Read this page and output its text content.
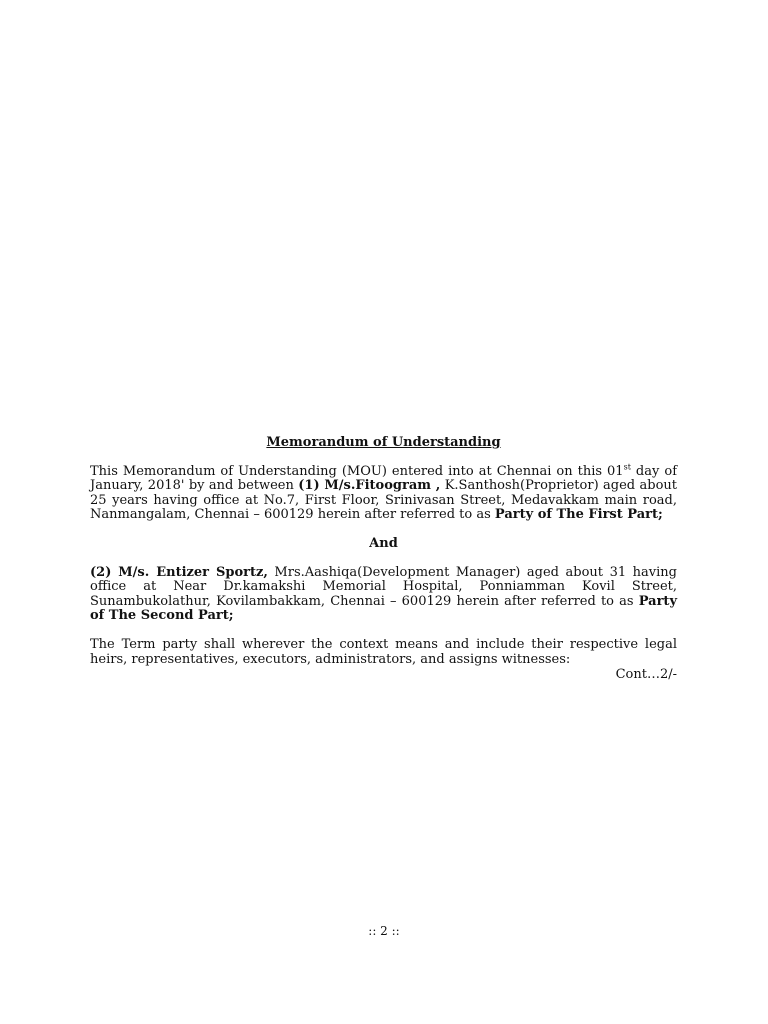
Memorandum of Understanding

This Memorandum of Understanding (MOU) entered into at Chennai on this 01st day of January, 2018' by and between (1) M/s.Fitoogram , K.Santhosh(Proprietor) aged about 25 years having office at No.7, First Floor, Srinivasan Street, Medavakkam main road, Nanmangalam, Chennai – 600129 herein after referred to as Party of The First Part;

And

(2) M/s. Entizer Sportz, Mrs.Aashiqa(Development Manager) aged about 31 having office at Near Dr.kamakshi Memorial Hospital, Ponniamman Kovil Street, Sunambukolathur, Kovilambakkam, Chennai – 600129 herein after referred to as Party of The Second Part;

The Term party shall wherever the context means and include their respective legal heirs, representatives, executors, administrators, and assigns witnesses:

Cont…2/-
:: 2 ::
